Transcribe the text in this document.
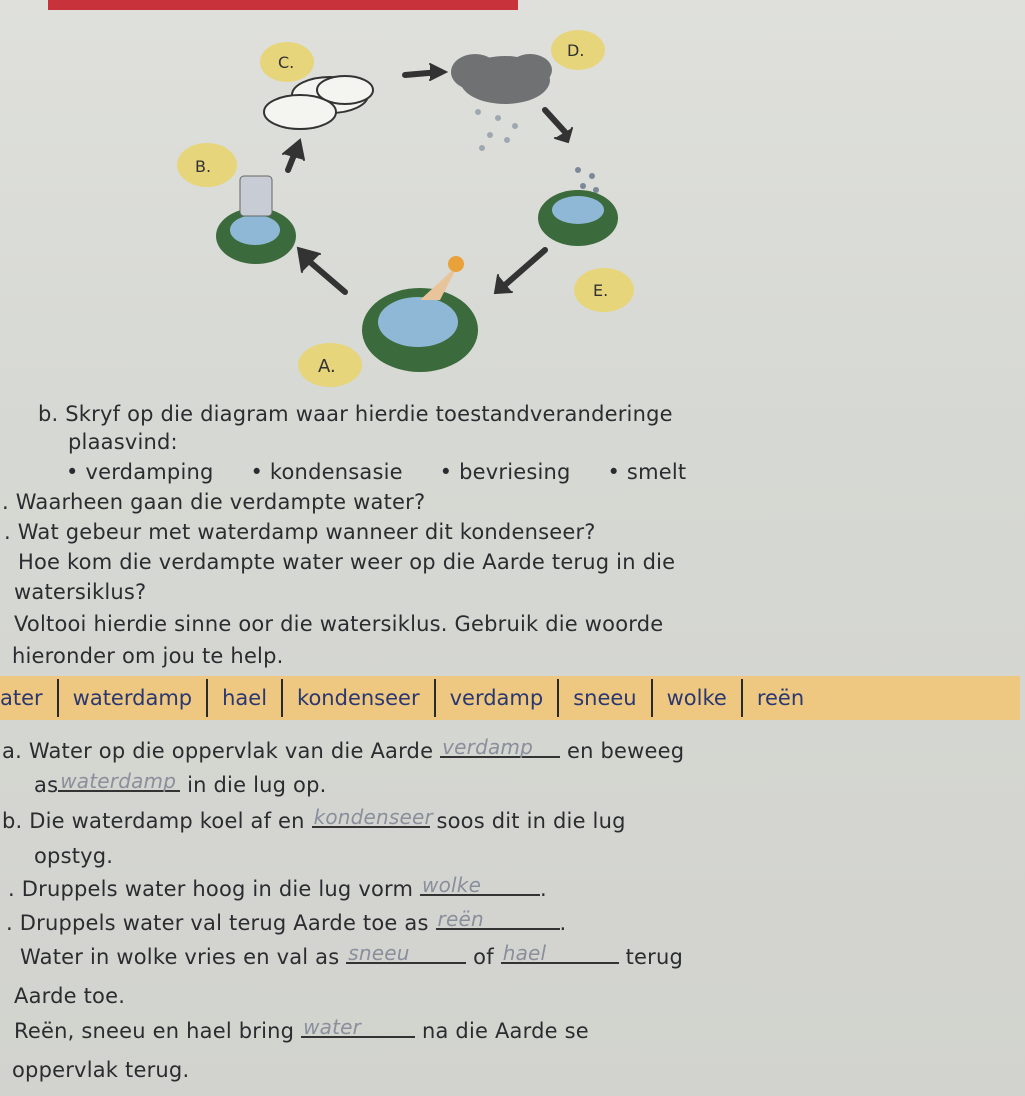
C.
D.
B.
E.
A.
b. Skryf op die diagram waar hierdie toestandveranderinge
plaasvind:
• verdamping • kondensasie • bevriesing • smelt
. Waarheen gaan die verdampte water?
. Wat gebeur met waterdamp wanneer dit kondenseer?
Hoe kom die verdampte water weer op die Aarde terug in die
watersiklus?
Voltooi hierdie sinne oor die watersiklus. Gebruik die woorde
hieronder om jou te help.
ater	waterdamp	hael	kondenseer	verdamp	sneeu	wolke	reën
a. Water op die oppervlak van die Aarde verdamp en beweeg
as waterdamp in die lug op.
b. Die waterdamp koel af en kondenseer soos dit in die lug
opstyg.
. Druppels water hoog in die lug vorm wolke	.
. Druppels water val terug Aarde toe as reën	.
Water in wolke vries en val as sneeu	of hael	terug
Aarde toe.
Reën, sneeu en hael bring water	na die Aarde se
oppervlak terug.
